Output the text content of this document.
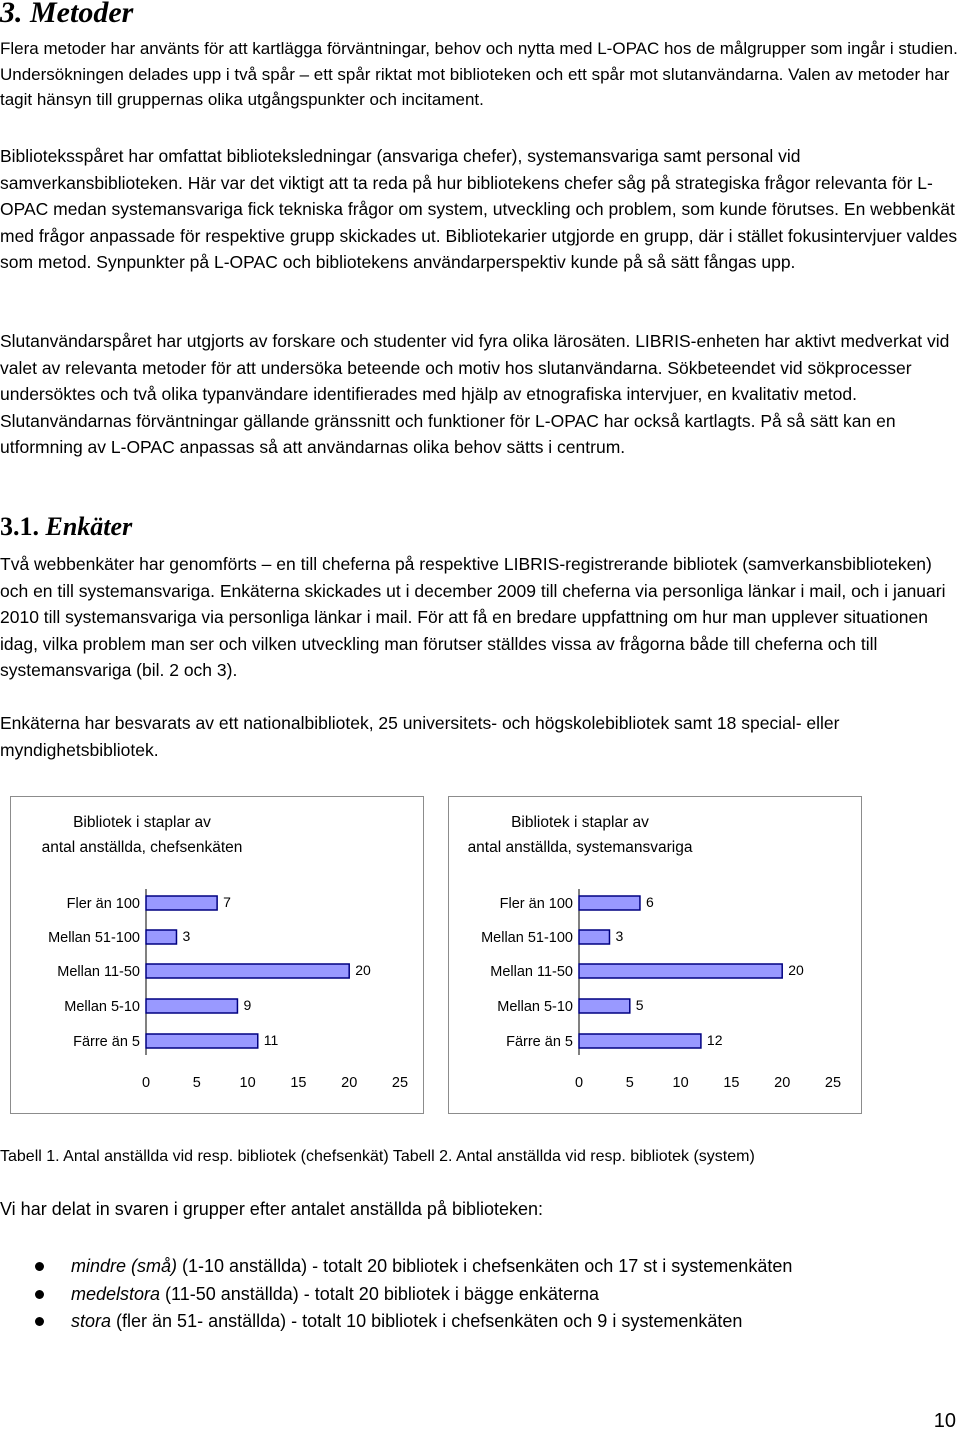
3. Metoder

Flera metoder har använts för att kartlägga förväntningar, behov och nytta med L-OPAC hos de målgrupper som ingår i studien. Undersökningen delades upp i två spår – ett spår riktat mot biblioteken och ett spår mot slutanvändarna. Valen av metoder har tagit hänsyn till gruppernas olika utgångspunkter och incitament.

Biblioteksspåret har omfattat biblioteksledningar (ansvariga chefer), systemansvariga samt personal vid samverkansbiblioteken. Här var det viktigt att ta reda på hur bibliotekens chefer såg på strategiska frågor relevanta för L-OPAC medan systemansvariga fick tekniska frågor om system, utveckling och problem, som kunde förutses. En webbenkät med frågor anpassade för respektive grupp skickades ut. Bibliotekarier utgjorde en grupp, där i stället fokusintervjuer valdes som metod. Synpunkter på L-OPAC och bibliotekens användarperspektiv kunde på så sätt fångas upp.

Slutanvändarspåret har utgjorts av forskare och studenter vid fyra olika lärosäten. LIBRIS-enheten har aktivt medverkat vid valet av relevanta metoder för att undersöka beteende och motiv hos slutanvändarna. Sökbeteendet vid sökprocesser undersöktes och två olika typanvändare identifierades med hjälp av etnografiska intervjuer, en kvalitativ metod. Slutanvändarnas förväntningar gällande gränssnitt och funktioner för L-OPAC har också kartlagts. På så sätt kan en utformning av L-OPAC anpassas så att användarnas olika behov sätts i centrum.

3.1. Enkäter

Två webbenkäter har genomförts – en till cheferna på respektive LIBRIS-registrerande bibliotek (samverkansbiblioteken) och en till systemansvariga. Enkäterna skickades ut i december 2009 till cheferna via personliga länkar i mail, och i januari 2010 till systemansvariga via personliga länkar i mail. För att få en bredare uppfattning om hur man upplever situationen idag, vilka problem man ser och vilken utveckling man förutser ställdes vissa av frågorna både till cheferna och till systemansvariga (bil. 2 och 3).

Enkäterna har besvarats av ett nationalbibliotek, 25 universitets- och högskolebibliotek samt 18 special- eller myndighetsbibliotek.

Bibliotek i staplar av
antal anställda, chefsenkäten
Fler än 100	7
Mellan 51-100	3
Mellan 11-50	20
Mellan 5-10	9
Färre än 5	11
0	5	10 15 20 25
Bibliotek i staplar av
antal anställda, systemansvariga
Fler än 100	6
Mellan 51-100	3
Mellan 11-50	20
Mellan 5-10	5
Färre än 5	12
0	5	10 15 20 25
Tabell 1. Antal anställda vid resp. bibliotek (chefsenkät) Tabell 2. Antal anställda vid resp. bibliotek (system)
Vi har delat in svaren i grupper efter antalet anställda på biblioteken:
mindre (små) (1-10 anställda) - totalt 20 bibliotek i chefsenkäten och 17 st i systemenkäten
medelstora (11-50 anställda) - totalt 20 bibliotek i bägge enkäterna
stora (fler än 51- anställda) - totalt 10 bibliotek i chefsenkäten och 9 i systemenkäten
10
